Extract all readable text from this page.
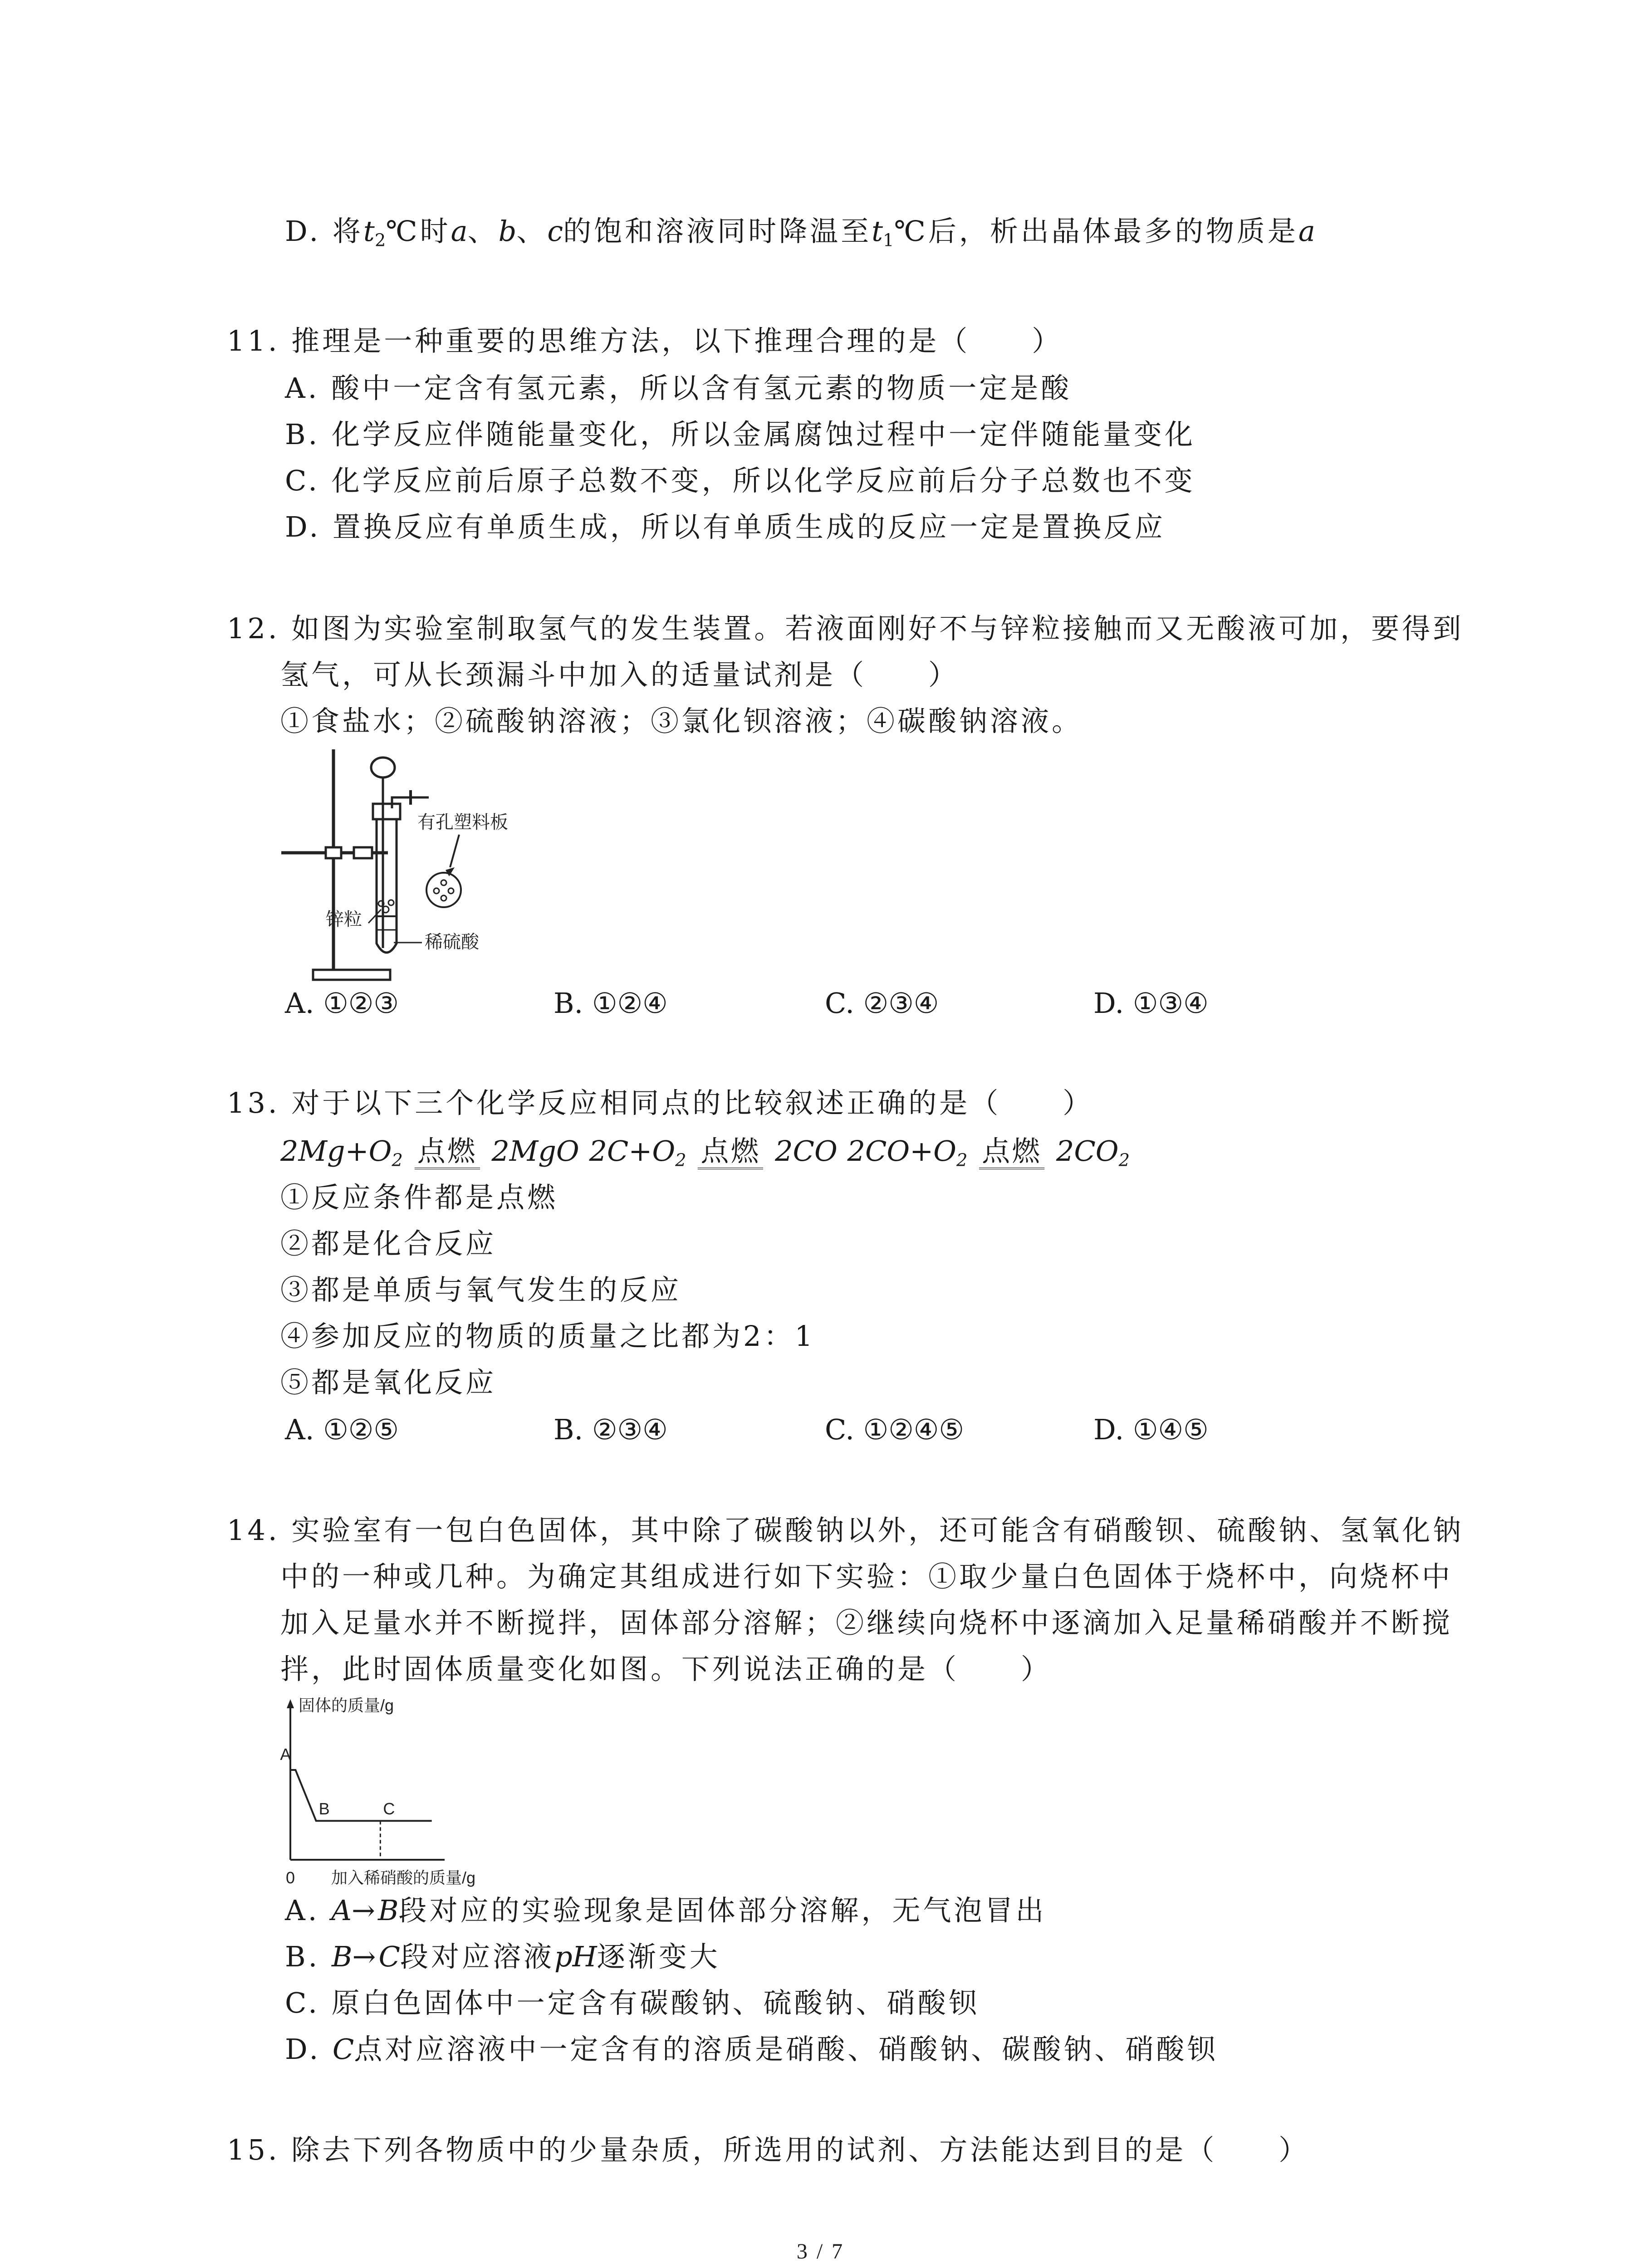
D. 将$t_2℃$时a、b、c的饱和溶液同时降温至$t_1℃$后，析出晶体最多的物质是a
11. 推理是一种重要的思维方法，以下推理合理的是（　　）
A. 酸中一定含有氢元素，所以含有氢元素的物质一定是酸
B. 化学反应伴随能量变化，所以金属腐蚀过程中一定伴随能量变化
C. 化学反应前后原子总数不变，所以化学反应前后分子总数也不变
D. 置换反应有单质生成，所以有单质生成的反应一定是置换反应
12. 如图为实验室制取氢气的发生装置。若液面刚好不与锌粒接触而又无酸液可加，要得到
氢气，可从长颈漏斗中加入的适量试剂是（　　）
①食盐水；②硫酸钠溶液；③氯化钡溶液；④碳酸钠溶液。
有孔塑料板
锌粒
稀硫酸
A. ①②③	B. ①②④	C. ②③④	D. ①③④
13. 对于以下三个化学反应相同点的比较叙述正确的是（　　）
$2Mg+O_2$ 点燃 2MgO $2C+O_2$ 点燃 2CO $2CO+O_2$ 点燃 $2CO_2$
①反应条件都是点燃
②都是化合反应
③都是单质与氧气发生的反应
④参加反应的物质的质量之比都为2：1
⑤都是氧化反应
A. ①②⑤	B. ②③④	C. ①②④⑤	D. ①④⑤
14. 实验室有一包白色固体，其中除了碳酸钠以外，还可能含有硝酸钡、硫酸钠、氢氧化钠
中的一种或几种。为确定其组成进行如下实验：①取少量白色固体于烧杯中，向烧杯中
加入足量水并不断搅拌，固体部分溶解；②继续向烧杯中逐滴加入足量稀硝酸并不断搅
拌，此时固体质量变化如图。下列说法正确的是（　　）
固体的质量/g
加入稀硝酸的质量/g
0
A
B	C
A. A→B段对应的实验现象是固体部分溶解，无气泡冒出
B. B→C段对应溶液pH逐渐变大
C. 原白色固体中一定含有碳酸钠、硫酸钠、硝酸钡
D. C点对应溶液中一定含有的溶质是硝酸、硝酸钠、碳酸钠、硝酸钡
15. 除去下列各物质中的少量杂质，所选用的试剂、方法能达到目的是（　　）
3 / 7
